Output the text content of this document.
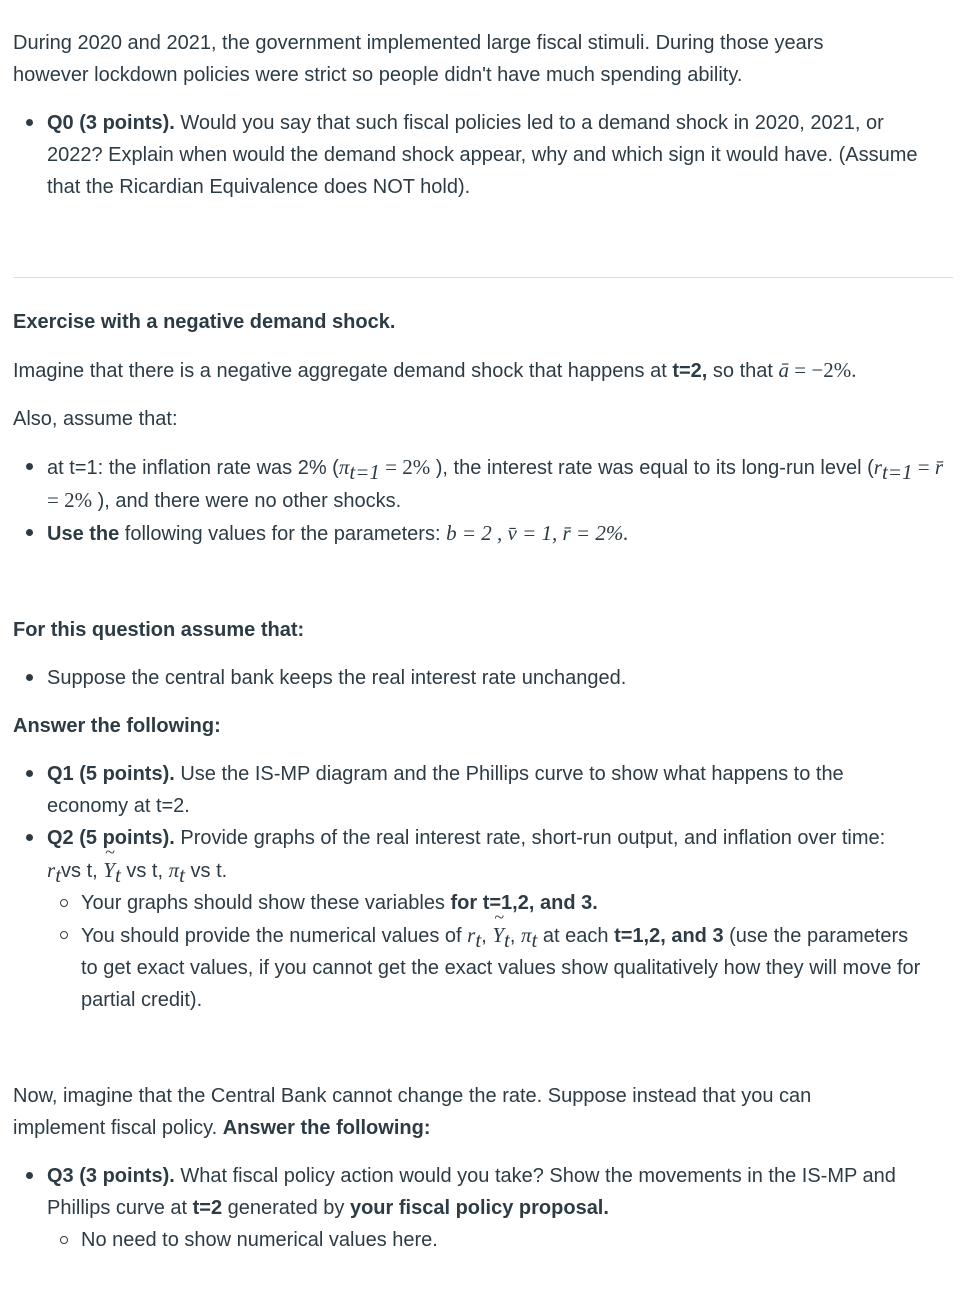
During 2020 and 2021, the government implemented large fiscal stimuli. During those years however lockdown policies were strict so people didn't have much spending ability.

Q0 (3 points). Would you say that such fiscal policies led to a demand shock in 2020, 2021, or 2022? Explain when would the demand shock appear, why and which sign it would have. (Assume that the Ricardian Equivalence does NOT hold).

Exercise with a negative demand shock.

Imagine that there is a negative aggregate demand shock that happens at t=2, so that ā = −2%.

Also, assume that:

at t=1: the inflation rate was 2% ($\pi_{t=1} = 2\%$ ), the interest rate was equal to its long-run level ($r_{t=1}$ = r̄ = 2% ), and there were no other shocks.
Use the following values for the parameters: b = 2 , v̄ = 1, r̄ = 2%.

For this question assume that:

Suppose the central bank keeps the real interest rate unchanged.

Answer the following:

Q1 (5 points). Use the IS-MP diagram and the Phillips curve to show what happens to the economy at t=2.
Q2 (5 points). Provide graphs of the real interest rate, short-run output, and inflation over time:
$r_tvs$ t, ~ $Y_t$ vs t, $\pi_t$ vs t.
Your graphs should show these variables for t=1,2, and 3.
You should provide the numerical values of $r_t$, ~ $Y_t$, $\pi_t$ at each t=1,2, and 3 (use the parameters to get exact values, if you cannot get the exact values show qualitatively how they will move for partial credit).

Now, imagine that the Central Bank cannot change the rate. Suppose instead that you can implement fiscal policy. Answer the following:

Q3 (3 points). What fiscal policy action would you take? Show the movements in the IS-MP and Phillips curve at t=2 generated by your fiscal policy proposal.
No need to show numerical values here.
